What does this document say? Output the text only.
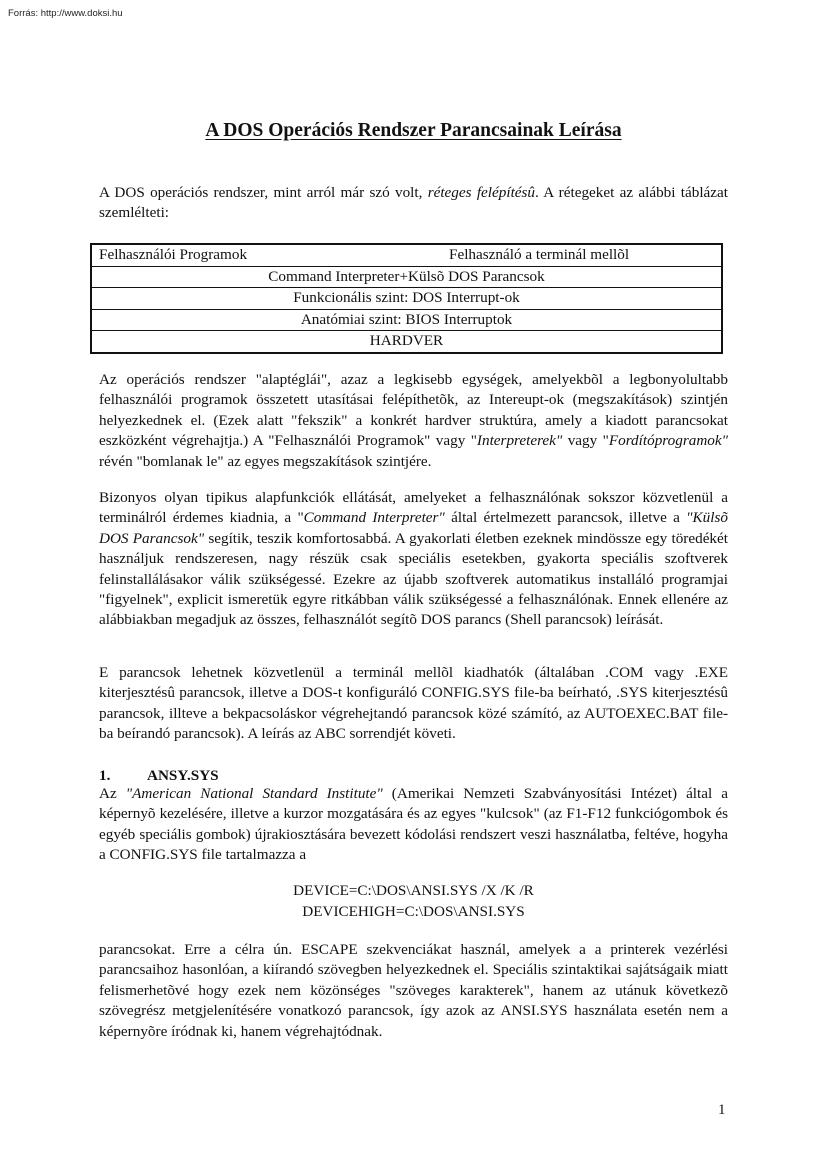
Forrás: http://www.doksi.hu
A DOS Operációs Rendszer Parancsainak Leírása

A DOS operációs rendszer, mint arról már szó volt, réteges felépítésû. A rétegeket az alábbi táblázat szemlélteti:

Felhasználói Programok	Felhasználó a terminál mellõl
Command Interpreter+Külsõ DOS Parancsok
Funkcionális szint: DOS Interrupt-ok
Anatómiai szint: BIOS Interruptok
HARDVER

Az operációs rendszer "alaptéglái", azaz a legkisebb egységek, amelyekbõl a legbonyolultabb felhasználói programok összetett utasításai felépíthetõk, az Intereupt-ok (megszakítások) szintjén helyezkednek el. (Ezek alatt "fekszik" a konkrét hardver struktúra, amely a kiadott parancsokat eszközként végrehajtja.) A "Felhasználói Programok" vagy "Interpreterek" vagy "Fordítóprogramok" révén "bomlanak le" az egyes megszakítások szintjére.

Bizonyos olyan tipikus alapfunkciók ellátását, amelyeket a felhasználónak sokszor közvetlenül a terminálról érdemes kiadnia, a "Command Interpreter" által értelmezett parancsok, illetve a "Külsõ DOS Parancsok" segítik, teszik komfortosabbá. A gyakorlati életben ezeknek mindössze egy töredékét használjuk rendszeresen, nagy részük csak speciális esetekben, gyakorta speciális szoftverek felinstallálásakor válik szükségessé. Ezekre az újabb szoftverek automatikus installáló programjai "figyelnek", explicit ismeretük egyre ritkábban válik szükségessé a felhasználónak. Ennek ellenére az alábbiakban megadjuk az összes, felhasználót segítõ DOS parancs (Shell parancsok) leírását.

E parancsok lehetnek közvetlenül a terminál mellõl kiadhatók (általában .COM vagy .EXE kiterjesztésû parancsok, illetve a DOS-t konfiguráló CONFIG.SYS file-ba beírható, .SYS kiterjesztésû parancsok, illteve a bekpacsoláskor végrehejtandó parancsok közé számító, az AUTOEXEC.BAT file-ba beírandó parancsok). A leírás az ABC sorrendjét követi.

1. ANSY.SYS

Az "American National Standard Institute" (Amerikai Nemzeti Szabványosítási Intézet) által a képernyõ kezelésére, illetve a kurzor mozgatására és az egyes "kulcsok" (az F1-F12 funkciógombok és egyéb speciális gombok) újrakiosztására bevezett kódolási rendszert veszi használatba, feltéve, hogyha a CONFIG.SYS file tartalmazza a

DEVICE=C:\DOS\ANSI.SYS /X /K /R
DEVICEHIGH=C:\DOS\ANSI.SYS

parancsokat. Erre a célra ún. ESCAPE szekvenciákat használ, amelyek a a printerek vezérlési parancsaihoz hasonlóan, a kiírandó szövegben helyezkednek el. Speciális szintaktikai sajátságaik miatt felismerhetõvé hogy ezek nem közönséges "szöveges karakterek", hanem az utánuk következõ szövegrész metgjelenítésére vonatkozó parancsok, így azok az ANSI.SYS használata esetén nem a képernyõre íródnak ki, hanem végrehajtódnak.

1
